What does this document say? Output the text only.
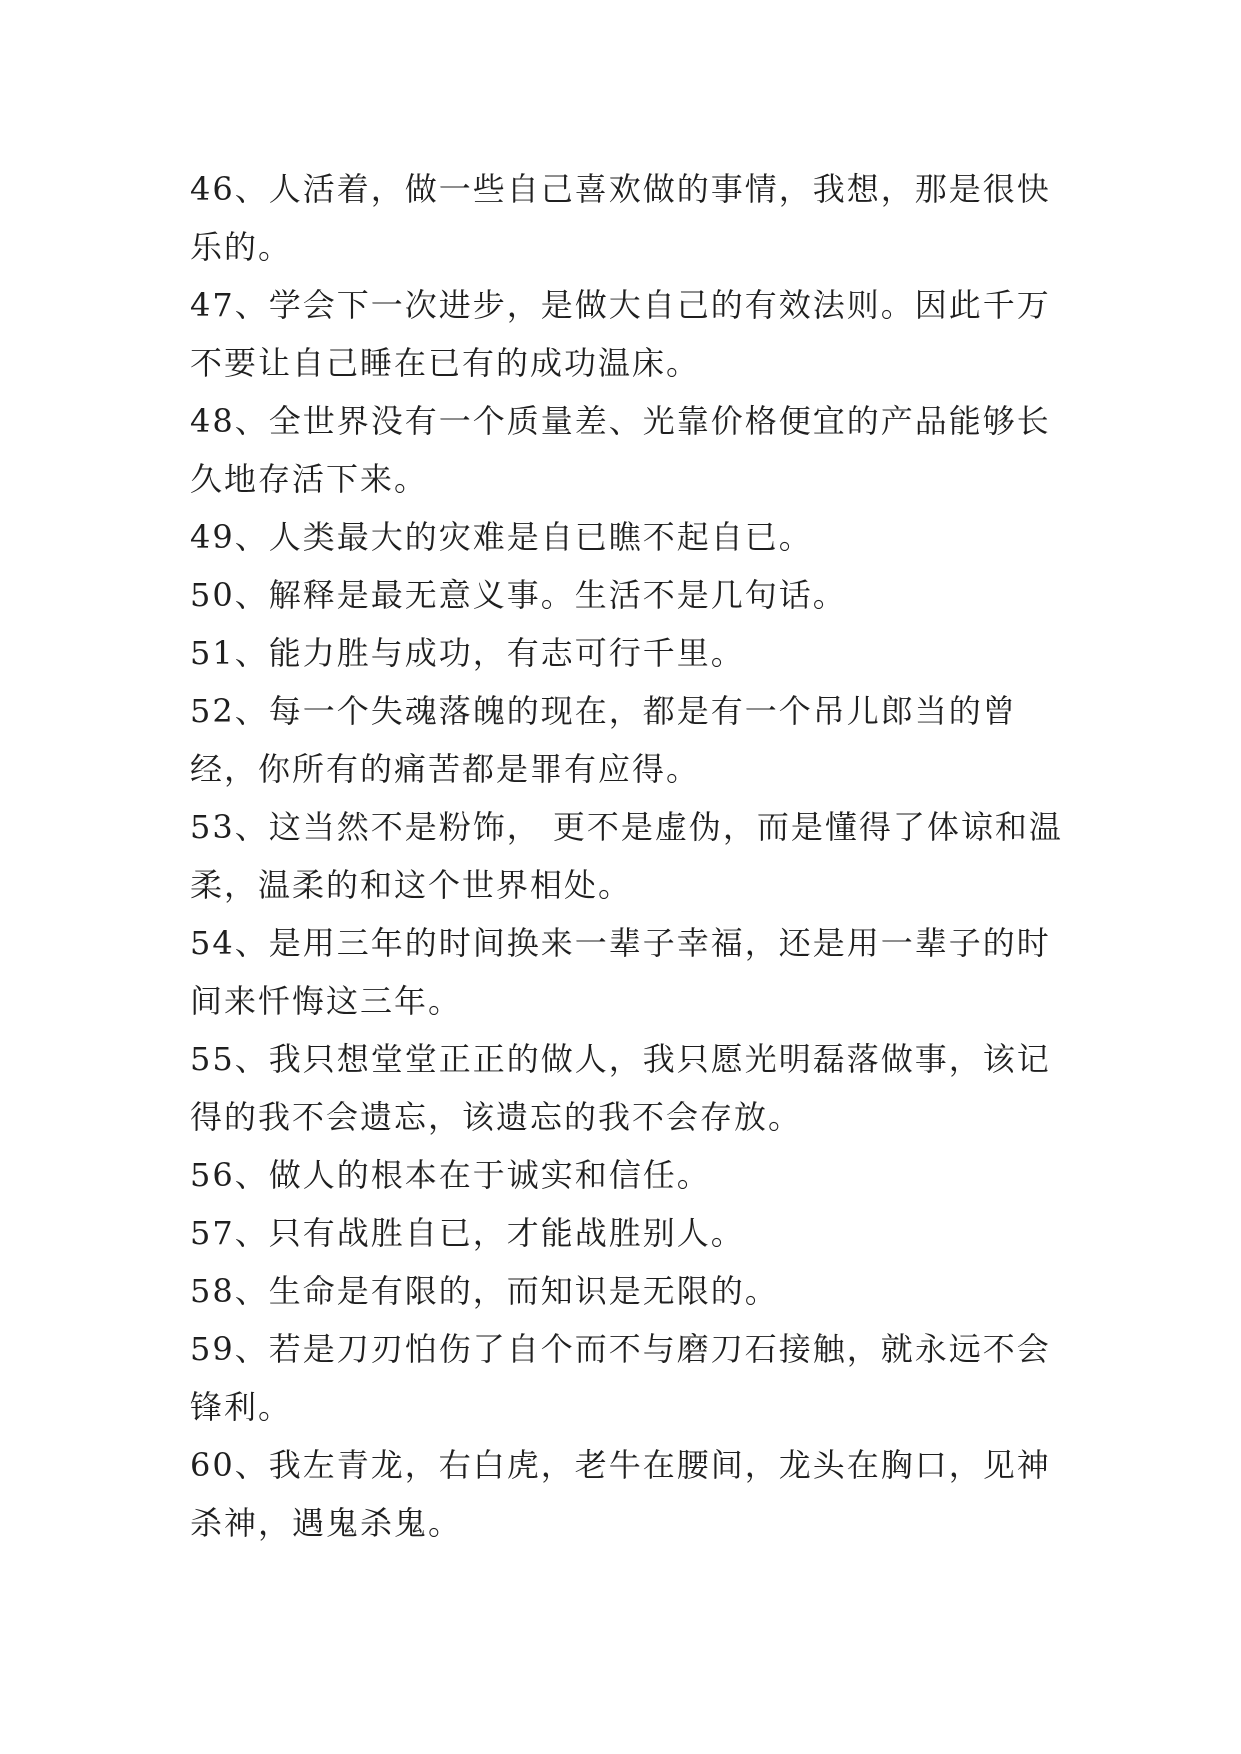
46、人活着，做一些自己喜欢做的事情，我想，那是很快乐的。

47、学会下一次进步，是做大自己的有效法则。因此千万不要让自己睡在已有的成功温床。

48、全世界没有一个质量差、光靠价格便宜的产品能够长久地存活下来。

49、人类最大的灾难是自已瞧不起自已。

50、解释是最无意义事。生活不是几句话。

51、能力胜与成功，有志可行千里。

52、每一个失魂落魄的现在，都是有一个吊儿郎当的曾经，你所有的痛苦都是罪有应得。

53、这当然不是粉饰， 更不是虚伪，而是懂得了体谅和温柔，温柔的和这个世界相处。

54、是用三年的时间换来一辈子幸福，还是用一辈子的时间来忏悔这三年。

55、我只想堂堂正正的做人，我只愿光明磊落做事，该记得的我不会遗忘，该遗忘的我不会存放。

56、做人的根本在于诚实和信任。

57、只有战胜自已，才能战胜别人。

58、生命是有限的，而知识是无限的。

59、若是刀刃怕伤了自个而不与磨刀石接触，就永远不会锋利。

60、我左青龙，右白虎，老牛在腰间，龙头在胸口，见神杀神，遇鬼杀鬼。
